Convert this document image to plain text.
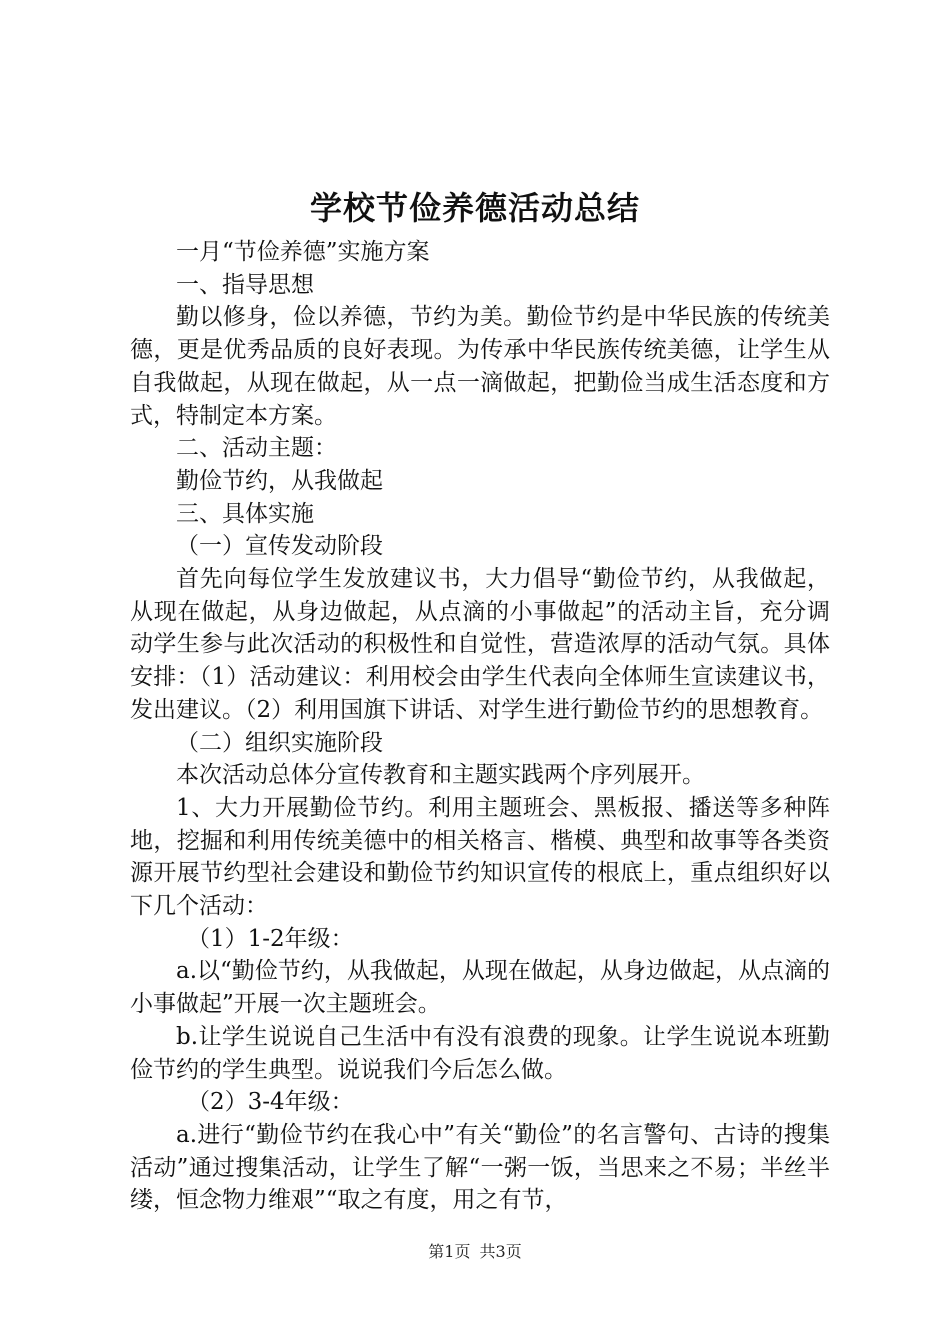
学校节俭养德活动总结

一月“节俭养德”实施方案

一、指导思想

勤以修身，俭以养德，节约为美。勤俭节约是中华民族的传统美德，更是优秀品质的良好表现。为传承中华民族传统美德，让学生从自我做起，从现在做起，从一点一滴做起，把勤俭当成生活态度和方式，特制定本方案。

二、活动主题：

勤俭节约，从我做起

三、具体实施

（一）宣传发动阶段

首先向每位学生发放建议书，大力倡导“勤俭节约，从我做起，从现在做起，从身边做起，从点滴的小事做起”的活动主旨，充分调动学生参与此次活动的积极性和自觉性，营造浓厚的活动气氛。具体安排：（1）活动建议：利用校会由学生代表向全体师生宣读建议书，发出建议。（2）利用国旗下讲话、对学生进行勤俭节约的思想教育。

（二）组织实施阶段

本次活动总体分宣传教育和主题实践两个序列展开。

1、大力开展勤俭节约。利用主题班会、黑板报、播送等多种阵地，挖掘和利用传统美德中的相关格言、楷模、典型和故事等各类资源开展节约型社会建设和勤俭节约知识宣传的根底上，重点组织好以下几个活动：

（1）1-2年级：

a.以“勤俭节约，从我做起，从现在做起，从身边做起，从点滴的小事做起”开展一次主题班会。

b.让学生说说自己生活中有没有浪费的现象。让学生说说本班勤俭节约的学生典型。说说我们今后怎么做。

（2）3-4年级：

a.进行“勤俭节约在我心中”有关“勤俭”的名言警句、古诗的搜集活动”通过搜集活动，让学生了解“一粥一饭，当思来之不易；半丝半缕，恒念物力维艰”“取之有度，用之有节，

第1页 共3页
